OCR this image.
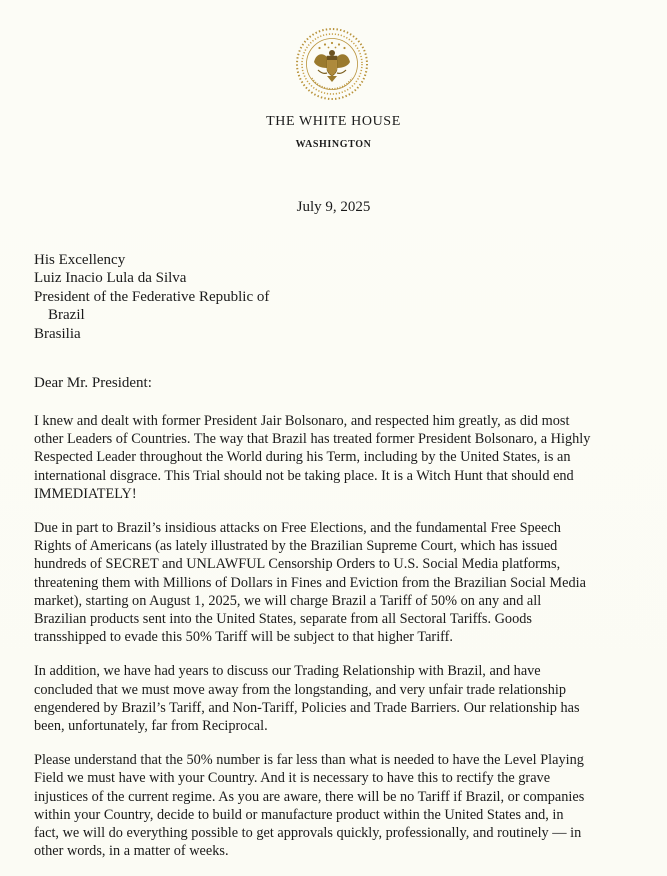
THE WHITE HOUSE
WASHINGTON
July 9, 2025
His Excellency
Luiz Inacio Lula da Silva
President of the Federative Republic of
Brazil
Brasilia
Dear Mr. President:

I knew and dealt with former President Jair Bolsonaro, and respected him greatly, as did most
other Leaders of Countries. The way that Brazil has treated former President Bolsonaro, a Highly
Respected Leader throughout the World during his Term, including by the United States, is an
international disgrace. This Trial should not be taking place. It is a Witch Hunt that should end
IMMEDIATELY!

Due in part to Brazil’s insidious attacks on Free Elections, and the fundamental Free Speech
Rights of Americans (as lately illustrated by the Brazilian Supreme Court, which has issued
hundreds of SECRET and UNLAWFUL Censorship Orders to U.S. Social Media platforms,
threatening them with Millions of Dollars in Fines and Eviction from the Brazilian Social Media
market), starting on August 1, 2025, we will charge Brazil a Tariff of 50% on any and all
Brazilian products sent into the United States, separate from all Sectoral Tariffs. Goods
transshipped to evade this 50% Tariff will be subject to that higher Tariff.

In addition, we have had years to discuss our Trading Relationship with Brazil, and have
concluded that we must move away from the longstanding, and very unfair trade relationship
engendered by Brazil’s Tariff, and Non-Tariff, Policies and Trade Barriers. Our relationship has
been, unfortunately, far from Reciprocal.

Please understand that the 50% number is far less than what is needed to have the Level Playing
Field we must have with your Country. And it is necessary to have this to rectify the grave
injustices of the current regime. As you are aware, there will be no Tariff if Brazil, or companies
within your Country, decide to build or manufacture product within the United States and, in
fact, we will do everything possible to get approvals quickly, professionally, and routinely — in
other words, in a matter of weeks.
